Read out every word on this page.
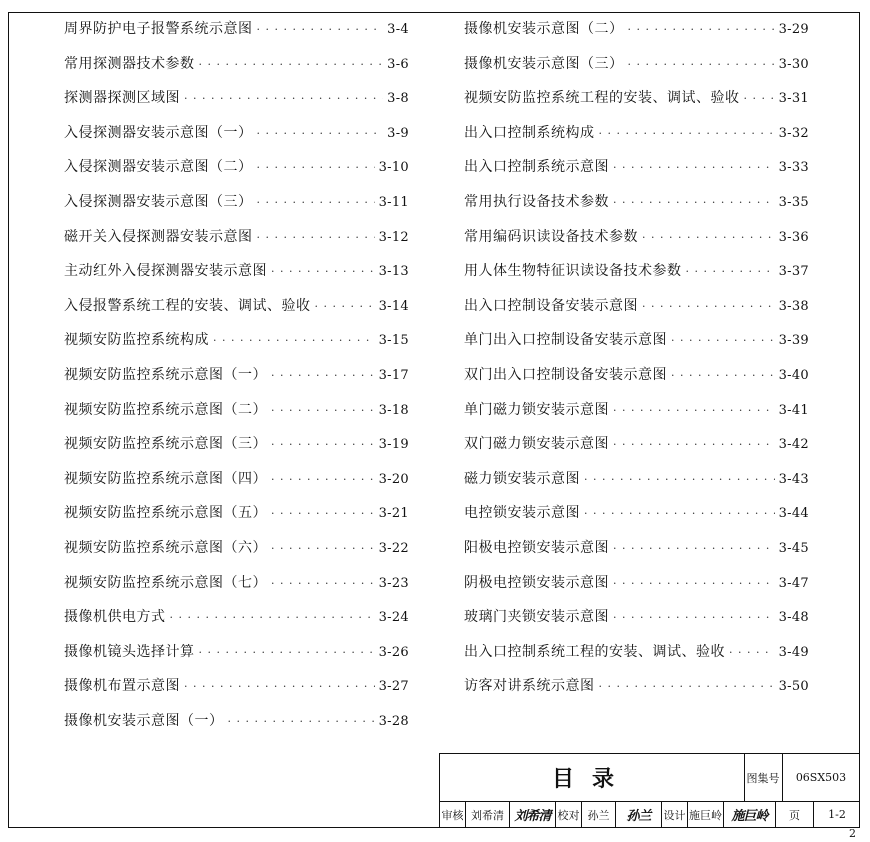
周界防护电子报警系统示意图 · · ·	3-4
常用探测器技术参数 · · ·	3-6
探测器探测区域图 · · ·	3-8
入侵探测器安装示意图（一） · · ·	3-9
入侵探测器安装示意图（二） · · ·	3-10
入侵探测器安装示意图（三） · · ·	3-11
磁开关入侵探测器安装示意图 · · ·	3-12
主动红外入侵探测器安装示意图 · · ·	3-13
入侵报警系统工程的安装、调试、验收 · · ·	3-14
视频安防监控系统构成 · · ·	3-15
视频安防监控系统示意图（一） · · ·	3-17
视频安防监控系统示意图（二） · · ·	3-18
视频安防监控系统示意图（三） · · ·	3-19
视频安防监控系统示意图（四） · · ·	3-20
视频安防监控系统示意图（五） · · ·	3-21
视频安防监控系统示意图（六） · · ·	3-22
视频安防监控系统示意图（七） · · ·	3-23
摄像机供电方式 · · ·	3-24
摄像机镜头选择计算 · · ·	3-26
摄像机布置示意图 · · ·	3-27
摄像机安装示意图（一） · · ·	3-28
摄像机安装示意图（二） · · ·	3-29
摄像机安装示意图（三） · · ·	3-30
视频安防监控系统工程的安装、调试、验收 · · ·	3-31
出入口控制系统构成 · · ·	3-32
出入口控制系统示意图 · · ·	3-33
常用执行设备技术参数 · · ·	3-35
常用编码识读设备技术参数 · · ·	3-36
用人体生物特征识读设备技术参数 · · ·	3-37
出入口控制设备安装示意图 · · ·	3-38
单门出入口控制设备安装示意图 · · ·	3-39
双门出入口控制设备安装示意图 · · ·	3-40
单门磁力锁安装示意图 · · ·	3-41
双门磁力锁安装示意图 · · ·	3-42
磁力锁安装示意图 · · ·	3-43
电控锁安装示意图 · · ·	3-44
阳极电控锁安装示意图 · · ·	3-45
阴极电控锁安装示意图 · · ·	3-47
玻璃门夹锁安装示意图 · · ·	3-48
出入口控制系统工程的安装、调试、验收 · · ·	3-49
访客对讲系统示意图 · · ·	3-50
目录	图集号	06SX503
审核 刘希清 刘希清 校对 孙兰	孙兰	设计 施巨岭 施巨岭	页	1-2
2
